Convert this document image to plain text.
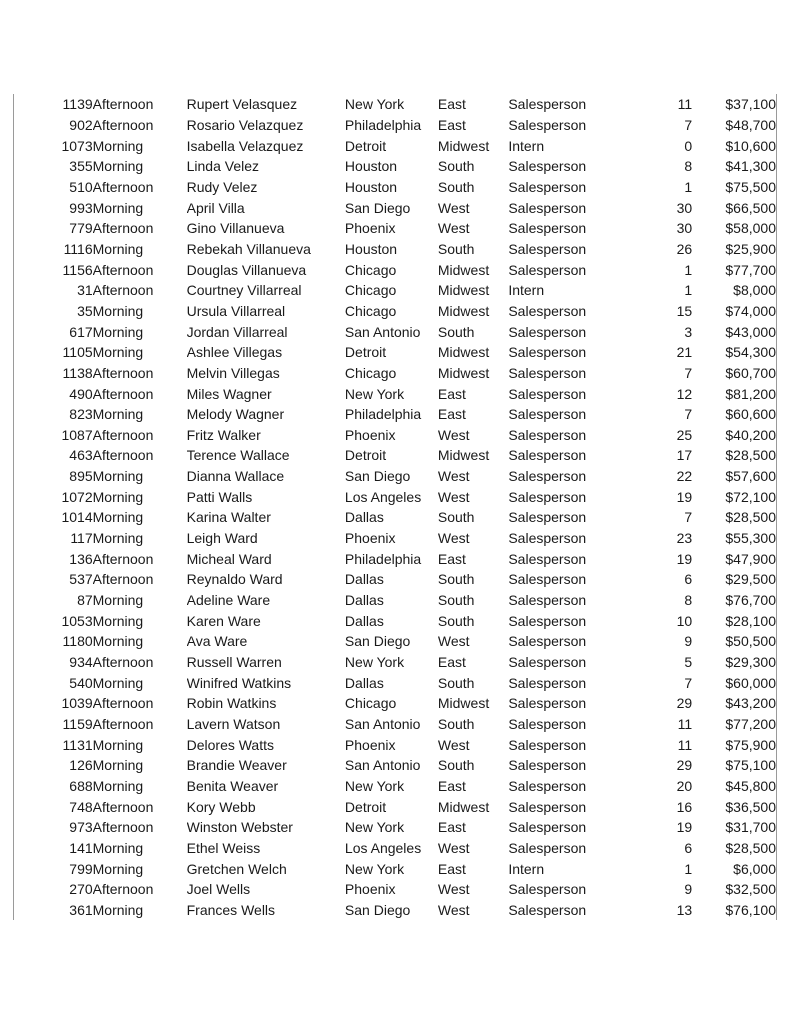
1139	Afternoon	Rupert Velasquez	New York	East	Salesperson	11	$37,100
902	Afternoon	Rosario Velazquez	Philadelphia	East	Salesperson	7	$48,700
1073	Morning	Isabella Velazquez	Detroit	Midwest	Intern	0	$10,600
355	Morning	Linda Velez	Houston	South	Salesperson	8	$41,300
510	Afternoon	Rudy Velez	Houston	South	Salesperson	1	$75,500
993	Morning	April Villa	San Diego	West	Salesperson	30	$66,500
779	Afternoon	Gino Villanueva	Phoenix	West	Salesperson	30	$58,000
1116	Morning	Rebekah Villanueva	Houston	South	Salesperson	26	$25,900
1156	Afternoon	Douglas Villanueva	Chicago	Midwest	Salesperson	1	$77,700
31	Afternoon	Courtney Villarreal	Chicago	Midwest	Intern	1	$8,000
35	Morning	Ursula Villarreal	Chicago	Midwest	Salesperson	15	$74,000
617	Morning	Jordan Villarreal	San Antonio	South	Salesperson	3	$43,000
1105	Morning	Ashlee Villegas	Detroit	Midwest	Salesperson	21	$54,300
1138	Afternoon	Melvin Villegas	Chicago	Midwest	Salesperson	7	$60,700
490	Afternoon	Miles Wagner	New York	East	Salesperson	12	$81,200
823	Morning	Melody Wagner	Philadelphia	East	Salesperson	7	$60,600
1087	Afternoon	Fritz Walker	Phoenix	West	Salesperson	25	$40,200
463	Afternoon	Terence Wallace	Detroit	Midwest	Salesperson	17	$28,500
895	Morning	Dianna Wallace	San Diego	West	Salesperson	22	$57,600
1072	Morning	Patti Walls	Los Angeles	West	Salesperson	19	$72,100
1014	Morning	Karina Walter	Dallas	South	Salesperson	7	$28,500
117	Morning	Leigh Ward	Phoenix	West	Salesperson	23	$55,300
136	Afternoon	Micheal Ward	Philadelphia	East	Salesperson	19	$47,900
537	Afternoon	Reynaldo Ward	Dallas	South	Salesperson	6	$29,500
87	Morning	Adeline Ware	Dallas	South	Salesperson	8	$76,700
1053	Morning	Karen Ware	Dallas	South	Salesperson	10	$28,100
1180	Morning	Ava Ware	San Diego	West	Salesperson	9	$50,500
934	Afternoon	Russell Warren	New York	East	Salesperson	5	$29,300
540	Morning	Winifred Watkins	Dallas	South	Salesperson	7	$60,000
1039	Afternoon	Robin Watkins	Chicago	Midwest	Salesperson	29	$43,200
1159	Afternoon	Lavern Watson	San Antonio	South	Salesperson	11	$77,200
1131	Morning	Delores Watts	Phoenix	West	Salesperson	11	$75,900
126	Morning	Brandie Weaver	San Antonio	South	Salesperson	29	$75,100
688	Morning	Benita Weaver	New York	East	Salesperson	20	$45,800
748	Afternoon	Kory Webb	Detroit	Midwest	Salesperson	16	$36,500
973	Afternoon	Winston Webster	New York	East	Salesperson	19	$31,700
141	Morning	Ethel Weiss	Los Angeles	West	Salesperson	6	$28,500
799	Morning	Gretchen Welch	New York	East	Intern	1	$6,000
270	Afternoon	Joel Wells	Phoenix	West	Salesperson	9	$32,500
361	Morning	Frances Wells	San Diego	West	Salesperson	13	$76,100
